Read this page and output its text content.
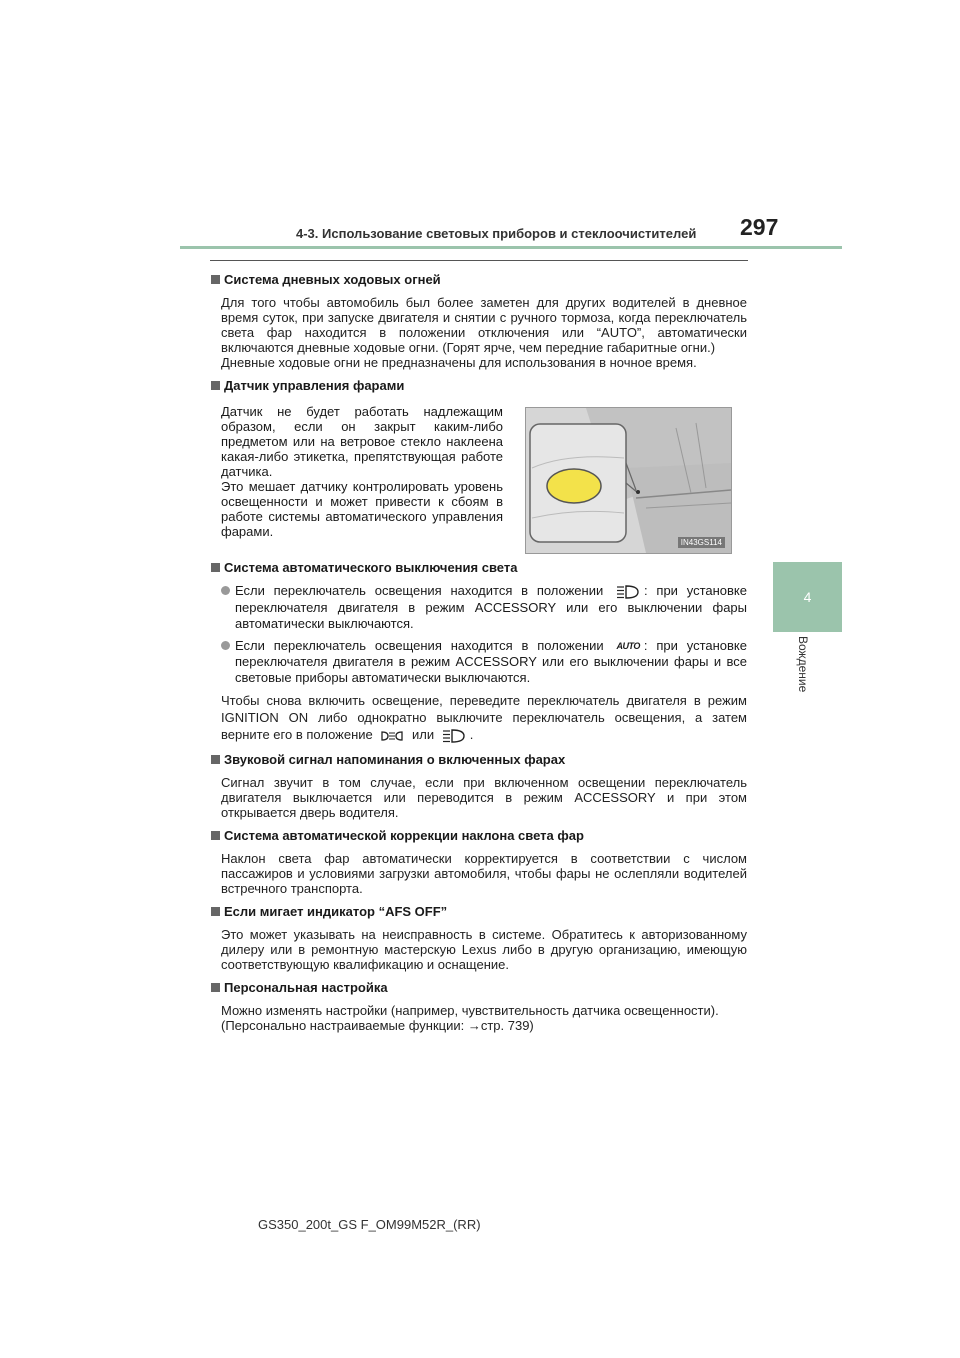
4-3. Использование световых приборов и стеклоочистителей 297
4
Вождение
Система дневных ходовых огней

Для того чтобы автомобиль был более заметен для других водителей в дневное время суток, при запуске двигателя и снятии с ручного тормоза, когда переключатель света фар находится в положении отключения или “AUTO”, автоматически включаются дневные ходовые огни. (Горят ярче, чем передние габаритные огни.)

Дневные ходовые огни не предназначены для использования в ночное время.

Датчик управления фарами
Датчик не будет работать надлежащим образом, если он закрыт каким-либо предметом или на ветровое стекло наклеена какая-либо этикетка, препятствующая работе датчика.
Это мешает датчику контролировать уровень освещенности и может привести к сбоям в работе системы автоматического управления фарами.
IN43GS114
Система автоматического выключения света
Если переключатель освещения находится в положении	: при установке переключателя двигателя в режим ACCESSORY или его выключении фары автоматически выключаются.
Если переключатель освещения находится в положении AUTO : при установке переключателя двигателя в режим ACCESSORY или его выключении фары и все световые приборы автоматически выключаются.

Чтобы снова включить освещение, переведите переключатель двигателя в режим IGNITION ON либо однократно выключите переключатель освещения, а затем верните его в положение	или	.

Звуковой сигнал напоминания о включенных фарах

Сигнал звучит в том случае, если при включенном освещении переключатель двигателя выключается или переводится в режим ACCESSORY и при этом открывается дверь водителя.

Система автоматической коррекции наклона света фар

Наклон света фар автоматически корректируется в соответствии с числом пассажиров и условиями загрузки автомобиля, чтобы фары не ослепляли водителей встречного транспорта.

Если мигает индикатор “AFS OFF”

Это может указывать на неисправность в системе. Обратитесь к авторизованному дилеру или в ремонтную мастерскую Lexus либо в другую организацию, имеющую соответствующую квалификацию и оснащение.

Персональная настройка

Можно изменять настройки (например, чувствительность датчика освещенности).

(Персонально настраиваемые функции: →стр. 739)

GS350_200t_GS F_OM99M52R_(RR)
